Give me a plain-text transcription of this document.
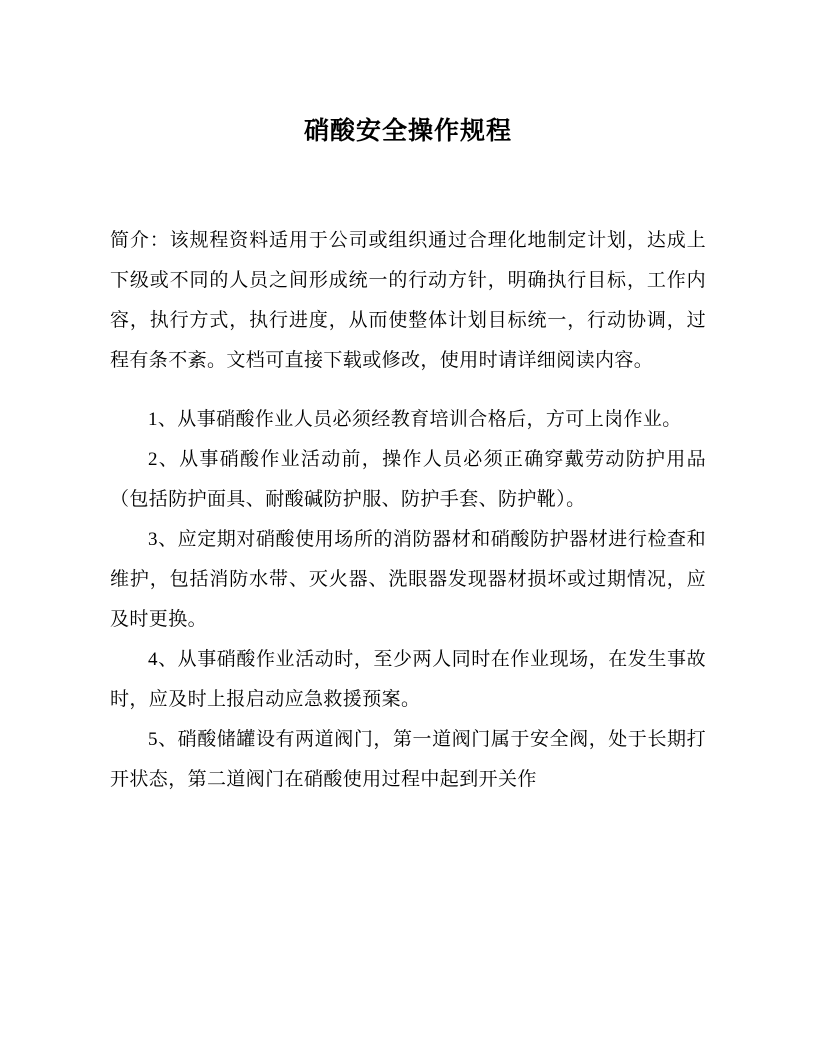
硝酸安全操作规程

简介：该规程资料适用于公司或组织通过合理化地制定计划，达成上下级或不同的人员之间形成统一的行动方针，明确执行目标，工作内容，执行方式，执行进度，从而使整体计划目标统一，行动协调，过程有条不紊。文档可直接下载或修改，使用时请详细阅读内容。

1、从事硝酸作业人员必须经教育培训合格后，方可上岗作业。

2、从事硝酸作业活动前，操作人员必须正确穿戴劳动防护用品（包括防护面具、耐酸碱防护服、防护手套、防护靴）。

3、应定期对硝酸使用场所的消防器材和硝酸防护器材进行检查和维护，包括消防水带、灭火器、洗眼器发现器材损坏或过期情况，应及时更换。

4、从事硝酸作业活动时，至少两人同时在作业现场，在发生事故时，应及时上报启动应急救援预案。

5、硝酸储罐设有两道阀门，第一道阀门属于安全阀，处于长期打开状态，第二道阀门在硝酸使用过程中起到开关作
